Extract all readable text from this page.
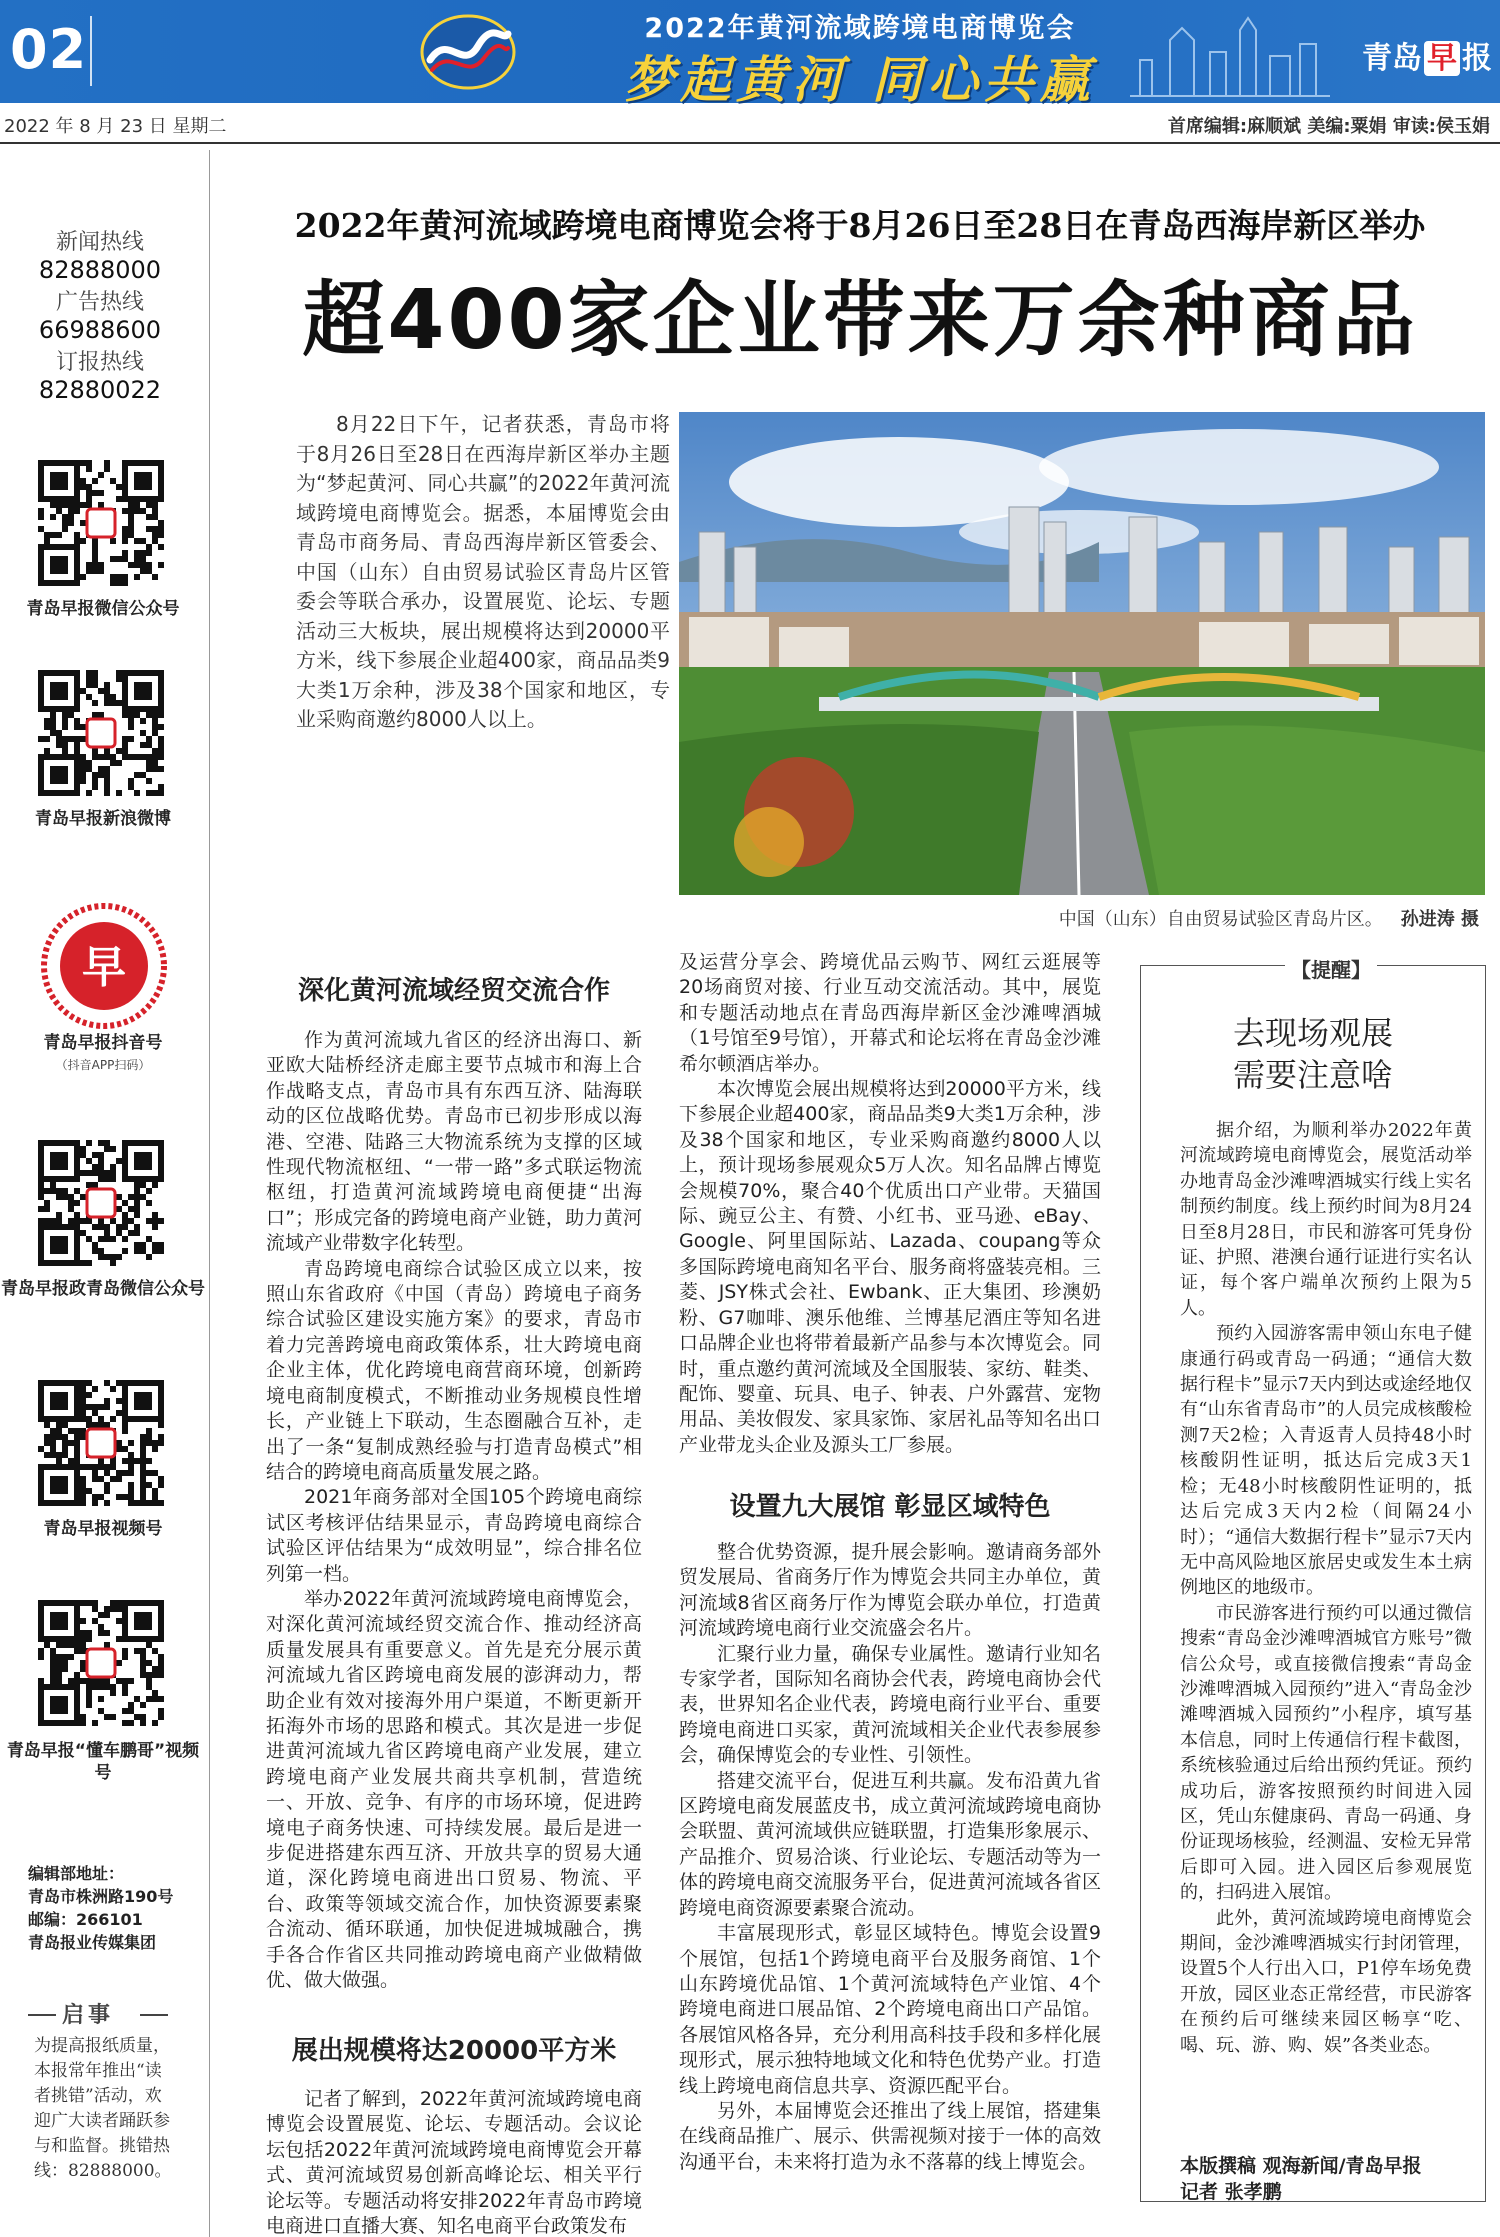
02	2022年黄河流域跨境电商博览会
梦起黄河 同心共赢	青岛 早 报
2022 年 8 月 23 日 星期二	首席编辑:麻顺斌 美编:粟娟 审读:侯玉娟
新闻热线
82888000
广告热线
66988600
订报热线
82880022
青岛早报微信公众号
青岛早报新浪微博
早
青岛早报抖音号
（抖音APP扫码）
青岛早报政青岛微信公众号
青岛早报视频号
青岛早报“懂车鹏哥”视频号
编辑部地址：
青岛市株洲路190号
邮编：266101
青岛报业传媒集团
启事
为提高报纸质量，本报常年推出“读者挑错”活动，欢迎广大读者踊跃参与和监督。挑错热线：82888000。
2022年黄河流域跨境电商博览会将于8月26日至28日在青岛西海岸新区举办
超400家企业带来万余种商品
8月22日下午，记者获悉，青岛市将于8月26日至28日在西海岸新区举办主题为“梦起黄河、同心共赢”的2022年黄河流域跨境电商博览会。据悉，本届博览会由青岛市商务局、青岛西海岸新区管委会、中国（山东）自由贸易试验区青岛片区管委会等联合承办，设置展览、论坛、专题活动三大板块，展出规模将达到20000平方米，线下参展企业超400家，商品品类9大类1万余种，涉及38个国家和地区，专业采购商邀约8000人以上。
中国（山东）自由贸易试验区青岛片区。 孙进涛 摄
深化黄河流域经贸交流合作

作为黄河流域九省区的经济出海口、新亚欧大陆桥经济走廊主要节点城市和海上合作战略支点，青岛市具有东西互济、陆海联动的区位战略优势。青岛市已初步形成以海港、空港、陆路三大物流系统为支撑的区域性现代物流枢纽、“一带一路”多式联运物流枢纽，打造黄河流域跨境电商便捷“出海口”；形成完备的跨境电商产业链，助力黄河流域产业带数字化转型。

青岛跨境电商综合试验区成立以来，按照山东省政府《中国（青岛）跨境电子商务综合试验区建设实施方案》的要求，青岛市着力完善跨境电商政策体系，壮大跨境电商企业主体，优化跨境电商营商环境，创新跨境电商制度模式，不断推动业务规模良性增长，产业链上下联动，生态圈融合互补，走出了一条“复制成熟经验与打造青岛模式”相结合的跨境电商高质量发展之路。

2021年商务部对全国105个跨境电商综试区考核评估结果显示，青岛跨境电商综合试验区评估结果为“成效明显”，综合排名位列第一档。

举办2022年黄河流域跨境电商博览会，对深化黄河流域经贸交流合作、推动经济高质量发展具有重要意义。首先是充分展示黄河流域九省区跨境电商发展的澎湃动力，帮助企业有效对接海外用户渠道，不断更新开拓海外市场的思路和模式。其次是进一步促进黄河流域九省区跨境电商产业发展，建立跨境电商产业发展共商共享机制，营造统一、开放、竞争、有序的市场环境，促进跨境电子商务快速、可持续发展。最后是进一步促进搭建东西互济、开放共享的贸易大通道，深化跨境电商进出口贸易、物流、平台、政策等领域交流合作，加快资源要素聚合流动、循环联通，加快促进城城融合，携手各合作省区共同推动跨境电商产业做精做优、做大做强。

展出规模将达20000平方米

记者了解到，2022年黄河流域跨境电商博览会设置展览、论坛、专题活动。会议论坛包括2022年黄河流域跨境电商博览会开幕式、黄河流域贸易创新高峰论坛、相关平行论坛等。专题活动将安排2022年青岛市跨境电商进口直播大赛、知名电商平台政策发布

及运营分享会、跨境优品云购节、网红云逛展等20场商贸对接、行业互动交流活动。其中，展览和专题活动地点在青岛西海岸新区金沙滩啤酒城（1号馆至9号馆），开幕式和论坛将在青岛金沙滩希尔顿酒店举办。

本次博览会展出规模将达到20000平方米，线下参展企业超400家，商品品类9大类1万余种，涉及38个国家和地区，专业采购商邀约8000人以上，预计现场参展观众5万人次。知名品牌占博览会规模70%，聚合40个优质出口产业带。天猫国际、豌豆公主、有赞、小红书、亚马逊、eBay、Google、阿里国际站、Lazada、coupang等众多国际跨境电商知名平台、服务商将盛装亮相。三菱、JSY株式会社、Ewbank、正大集团、珍澳奶粉、G7咖啡、澳乐他维、兰博基尼酒庄等知名进口品牌企业也将带着最新产品参与本次博览会。同时，重点邀约黄河流域及全国服装、家纺、鞋类、配饰、婴童、玩具、电子、钟表、户外露营、宠物用品、美妆假发、家具家饰、家居礼品等知名出口产业带龙头企业及源头工厂参展。

设置九大展馆 彰显区域特色

整合优势资源，提升展会影响。邀请商务部外贸发展局、省商务厅作为博览会共同主办单位，黄河流域8省区商务厅作为博览会联办单位，打造黄河流域跨境电商行业交流盛会名片。

汇聚行业力量，确保专业属性。邀请行业知名专家学者，国际知名商协会代表，跨境电商协会代表，世界知名企业代表，跨境电商行业平台、重要跨境电商进口买家，黄河流域相关企业代表参展参会，确保博览会的专业性、引领性。

搭建交流平台，促进互利共赢。发布沿黄九省区跨境电商发展蓝皮书，成立黄河流域跨境电商协会联盟、黄河流域供应链联盟，打造集形象展示、产品推介、贸易洽谈、行业论坛、专题活动等为一体的跨境电商交流服务平台，促进黄河流域各省区跨境电商资源要素聚合流动。

丰富展现形式，彰显区域特色。博览会设置9个展馆，包括1个跨境电商平台及服务商馆、1个山东跨境优品馆、1个黄河流域特色产业馆、4个跨境电商进口展品馆、2个跨境电商出口产品馆。各展馆风格各异，充分利用高科技手段和多样化展现形式，展示独特地域文化和特色优势产业。打造线上跨境电商信息共享、资源匹配平台。

另外，本届博览会还推出了线上展馆，搭建集在线商品推广、展示、供需视频对接于一体的高效沟通平台，未来将打造为永不落幕的线上博览会。

【提醒】
去现场观展
需要注意啥

据介绍，为顺利举办2022年黄河流域跨境电商博览会，展览活动举办地青岛金沙滩啤酒城实行线上实名制预约制度。线上预约时间为8月24日至8月28日，市民和游客可凭身份证、护照、港澳台通行证进行实名认证，每个客户端单次预约上限为5人。

预约入园游客需申领山东电子健康通行码或青岛一码通；“通信大数据行程卡”显示7天内到达或途经地仅有“山东省青岛市”的人员完成核酸检测7天2检；入青返青人员持48小时核酸阴性证明，抵达后完成3天1检；无48小时核酸阴性证明的，抵达后完成3天内2检（间隔24小时）；“通信大数据行程卡”显示7天内无中高风险地区旅居史或发生本土病例地区的地级市。

市民游客进行预约可以通过微信搜索“青岛金沙滩啤酒城官方账号”微信公众号，或直接微信搜索“青岛金沙滩啤酒城入园预约”进入“青岛金沙滩啤酒城入园预约”小程序，填写基本信息，同时上传通信行程卡截图，系统核验通过后给出预约凭证。预约成功后，游客按照预约时间进入园区，凭山东健康码、青岛一码通、身份证现场核验，经测温、安检无异常后即可入园。进入园区后参观展览的，扫码进入展馆。

此外，黄河流域跨境电商博览会期间，金沙滩啤酒城实行封闭管理，设置5个人行出入口，P1停车场免费开放，园区业态正常经营，市民游客在预约后可继续来园区畅享“吃、喝、玩、游、购、娱”各类业态。

本版撰稿 观海新闻/青岛早报
记者 张孝鹏
